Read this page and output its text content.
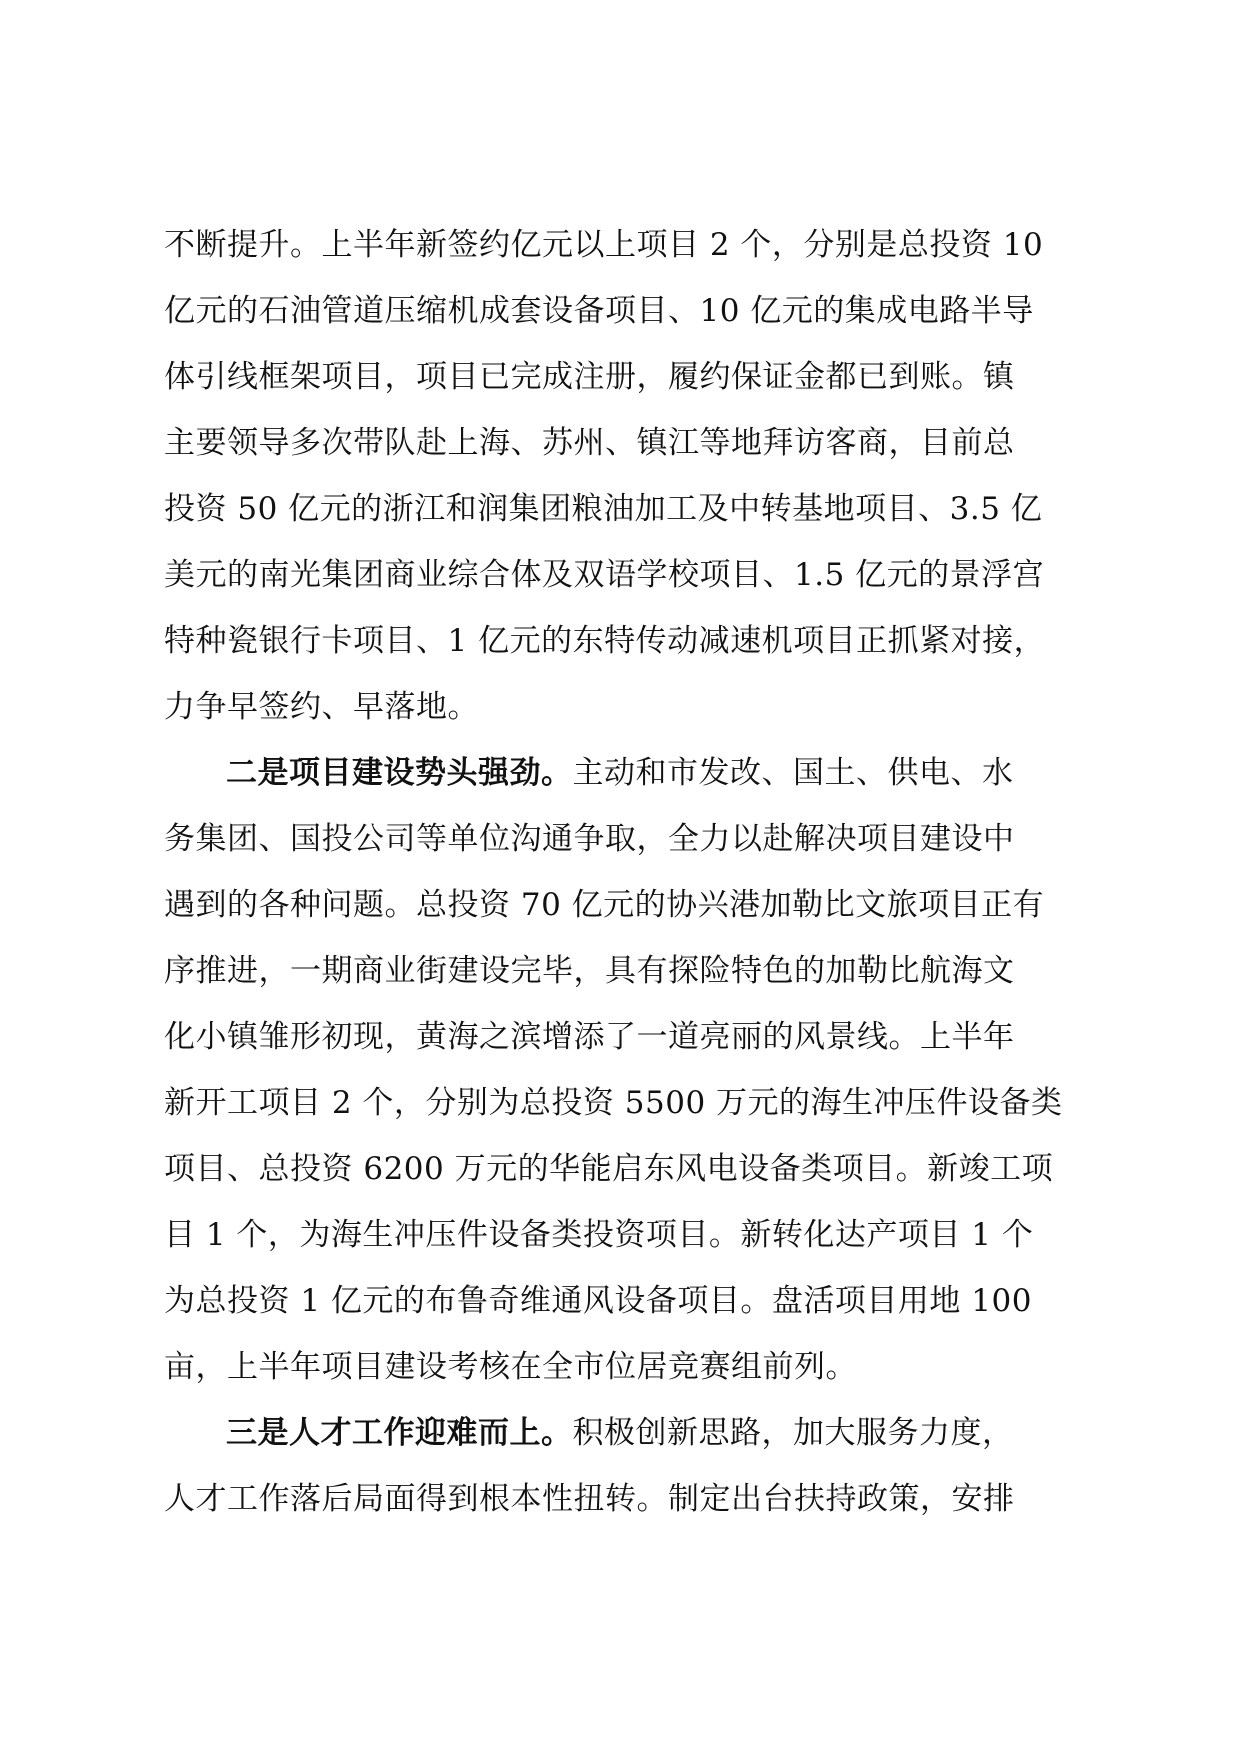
不断提升。上半年新签约亿元以上项目 2 个，分别是总投资 10
亿元的石油管道压缩机成套设备项目、10 亿元的集成电路半导
体引线框架项目，项目已完成注册，履约保证金都已到账。镇
主要领导多次带队赴上海、苏州、镇江等地拜访客商，目前总
投资 50 亿元的浙江和润集团粮油加工及中转基地项目、3.5 亿
美元的南光集团商业综合体及双语学校项目、1.5 亿元的景浮宫
特种瓷银行卡项目、1 亿元的东特传动减速机项目正抓紧对接，
力争早签约、早落地。
二是项目建设势头强劲。主动和市发改、国土、供电、水
务集团、国投公司等单位沟通争取，全力以赴解决项目建设中
遇到的各种问题。总投资 70 亿元的协兴港加勒比文旅项目正有
序推进，一期商业街建设完毕，具有探险特色的加勒比航海文
化小镇雏形初现，黄海之滨增添了一道亮丽的风景线。上半年
新开工项目 2 个，分别为总投资 5500 万元的海生冲压件设备类
项目、总投资 6200 万元的华能启东风电设备类项目。新竣工项
目 1 个，为海生冲压件设备类投资项目。新转化达产项目 1 个
为总投资 1 亿元的布鲁奇维通风设备项目。盘活项目用地 100
亩，上半年项目建设考核在全市位居竞赛组前列。
三是人才工作迎难而上。积极创新思路，加大服务力度，
人才工作落后局面得到根本性扭转。制定出台扶持政策，安排
